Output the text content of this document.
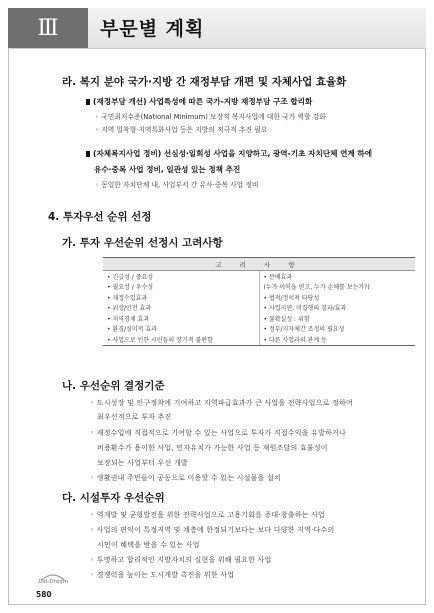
Ⅲ 부문별 계획
라. 복지 분야 국가·지방 간 재정부담 개편 및 자체사업 효율화
(재정부담 개선) 사업특성에 따른 국가-지방 재정부담 구조 합리화
◦ 국민최저수준(National Minimum) 보장적 복지사업에 대한 국가 역할 강화
◦ 지역 밀착형·지역특화사업 등은 지방의 적극적 추진 필요
(자체복지사업 정비) 선심성·일회성 사업을 지양하고, 광역-기초 자치단체 연계 하에
유수·중복 사업 정비, 일관성 있는 정책 추진
◦ 동일한 자치단체 내, 사업부서 간 유사·중복 사업 정비
4. 투자우선 순위 선정
가. 투자 우선순위 선정시 고려사항
고 려 사 항	
• 긴급성 / 중요성	• 분배효과
• 필요성 / 우수성	(누가 이익을 얻고, 누가 손해를 보는가?)
• 재정수입효과	• 법적/정치적 타당성
• 위상/안전 효과	• 사업지연, 미집행의 결과/효과
• 지역경제 효과	• 불확실성 : 위험
• 환경/심미적 효과	• 정부/지자체간 조정의 필요성
• 사업으로 인한 시민들의 장기적 불편함	• 다른 사업과의 관계 등
나. 우선순위 결정기준
◦ 도시성장 및 인구정착에 기여하고 지역파급효과가 큰 사업을 전략사업으로 정하여
최우선적으로 투자 추진
◦ 재정수입에 직접적으로 기여할 수 있는 사업으로 투자가 직접수익을 유발하거나
비용환수가 용이한 사업, 민자유치가 가능한 사업 등 재원조달의 효율성이
보장되는 사업부터 우선 개발
◦ 생활권내 주민들이 공동으로 이용할 수 있는 시설물을 설치
다. 시설투자 우선순위
◦ 역개발 및 균형발전을 위한 전략사업으로 고용기회를 증대·창출하는 사업
◦ 사업의 편익이 특정지역 및 계층에 한정되기보다는 보다 다양한 지역·다수의
시민이 혜택을 받을 수 있는 사업
◦ 투명하고 합리적인 지방자치의 실현을 위해 필요한 사업
◦ 경쟁력을 높이는 도시개발 촉진을 위한 사업
Dal-Dream
580
